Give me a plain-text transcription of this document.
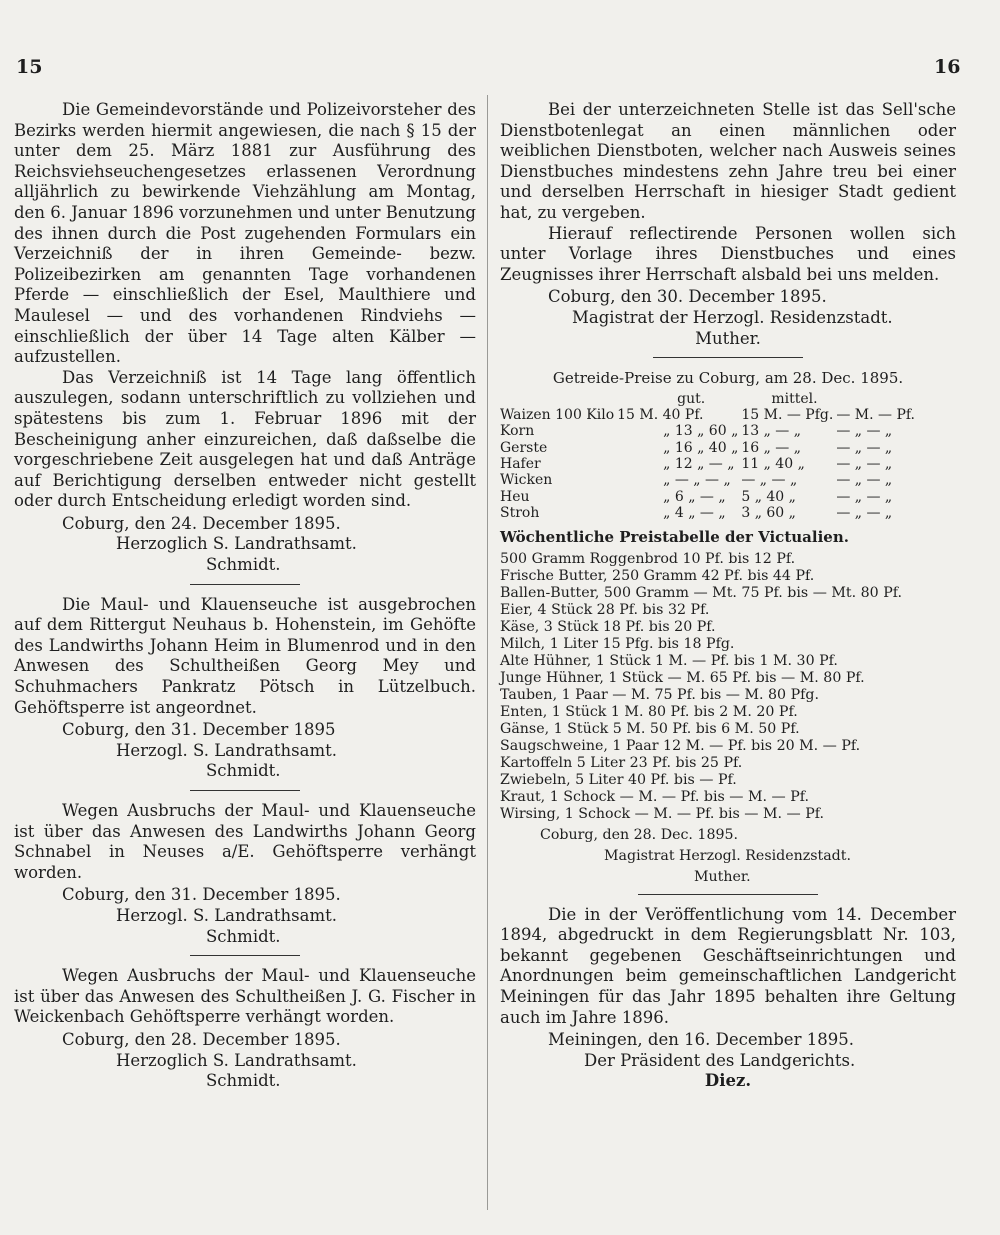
15	16

Die Gemeindevorstände und Polizeivorsteher des Bezirks werden hiermit angewiesen, die nach § 15 der unter dem 25. März 1881 zur Ausführung des Reichsviehseuchengesetzes erlassenen Verordnung alljährlich zu bewirkende Viehzählung am Montag, den 6. Januar 1896 vorzunehmen und unter Benutzung des ihnen durch die Post zugehenden Formulars ein Verzeichniß der in ihren Gemeinde- bezw. Polizeibezirken am genannten Tage vorhandenen Pferde — einschließlich der Esel, Maulthiere und Maulesel — und des vorhandenen Rindviehs — einschließlich der über 14 Tage alten Kälber — aufzustellen.

Das Verzeichniß ist 14 Tage lang öffentlich auszulegen, sodann unterschriftlich zu vollziehen und spätestens bis zum 1. Februar 1896 mit der Bescheinigung anher einzureichen, daß daßselbe die vorgeschriebene Zeit ausgelegen hat und daß Anträge auf Berichtigung derselben entweder nicht gestellt oder durch Entscheidung erledigt worden sind.

Coburg, den 24. December 1895.

Herzoglich S. Landrathsamt.

Schmidt.

Die Maul- und Klauenseuche ist ausgebrochen auf dem Rittergut Neuhaus b. Hohenstein, im Gehöfte des Landwirths Johann Heim in Blumenrod und in den Anwesen des Schultheißen Georg Mey und Schuhmachers Pankratz Pötsch in Lützelbuch. Gehöftsperre ist angeordnet.

Coburg, den 31. December 1895

Herzogl. S. Landrathsamt.

Schmidt.

Wegen Ausbruchs der Maul- und Klauenseuche ist über das Anwesen des Landwirths Johann Georg Schnabel in Neuses a/E. Gehöftsperre verhängt worden.

Coburg, den 31. December 1895.

Herzogl. S. Landrathsamt.

Schmidt.

Wegen Ausbruchs der Maul- und Klauenseuche ist über das Anwesen des Schultheißen J. G. Fischer in Weickenbach Gehöftsperre verhängt worden.

Coburg, den 28. December 1895.

Herzoglich S. Landrathsamt.

Schmidt.

Bei der unterzeichneten Stelle ist das Sell'sche Dienstbotenlegat an einen männlichen oder weiblichen Dienstboten, welcher nach Ausweis seines Dienstbuches mindestens zehn Jahre treu bei einer und derselben Herrschaft in hiesiger Stadt gedient hat, zu vergeben.

Hierauf reflectirende Personen wollen sich unter Vorlage ihres Dienstbuches und eines Zeugnisses ihrer Herrschaft alsbald bei uns melden.

Coburg, den 30. December 1895.

Magistrat der Herzogl. Residenzstadt.

Muther.

Getreide-Preise zu Coburg, am 28. Dec. 1895.

	gut.	mittel.	
Waizen 100 Kilo	15 M. 40 Pf.	15 M. — Pfg.	— M. — Pf.
Korn	„ 13 „ 60 „	13 „ — „	— „ — „
Gerste	„ 16 „ 40 „	16 „ — „	— „ — „
Hafer	„ 12 „ — „	11 „ 40 „	— „ — „
Wicken	„ — „ — „	— „ — „	— „ — „
Heu	„ 6 „ — „	5 „ 40 „	— „ — „
Stroh	„ 4 „ — „	3 „ 60 „	— „ — „

Wöchentliche Preistabelle der Victualien.

500 Gramm Roggenbrod 10 Pf. bis 12 Pf.

Frische Butter, 250 Gramm 42 Pf. bis 44 Pf.

Ballen-Butter, 500 Gramm — Mt. 75 Pf. bis — Mt. 80 Pf.

Eier, 4 Stück 28 Pf. bis 32 Pf.

Käse, 3 Stück 18 Pf. bis 20 Pf.

Milch, 1 Liter 15 Pfg. bis 18 Pfg.

Alte Hühner, 1 Stück 1 M. — Pf. bis 1 M. 30 Pf.

Junge Hühner, 1 Stück — M. 65 Pf. bis — M. 80 Pf.

Tauben, 1 Paar — M. 75 Pf. bis — M. 80 Pfg.

Enten, 1 Stück 1 M. 80 Pf. bis 2 M. 20 Pf.

Gänse, 1 Stück 5 M. 50 Pf. bis 6 M. 50 Pf.

Saugschweine, 1 Paar 12 M. — Pf. bis 20 M. — Pf.

Kartoffeln 5 Liter 23 Pf. bis 25 Pf.

Zwiebeln, 5 Liter 40 Pf. bis — Pf.

Kraut, 1 Schock — M. — Pf. bis — M. — Pf.

Wirsing, 1 Schock — M. — Pf. bis — M. — Pf.

Coburg, den 28. Dec. 1895.

Magistrat Herzogl. Residenzstadt.

Muther.

Die in der Veröffentlichung vom 14. December 1894, abgedruckt in dem Regierungsblatt Nr. 103, bekannt gegebenen Geschäftseinrichtungen und Anordnungen beim gemeinschaftlichen Landgericht Meiningen für das Jahr 1895 behalten ihre Geltung auch im Jahre 1896.

Meiningen, den 16. December 1895.

Der Präsident des Landgerichts.

Diez.
